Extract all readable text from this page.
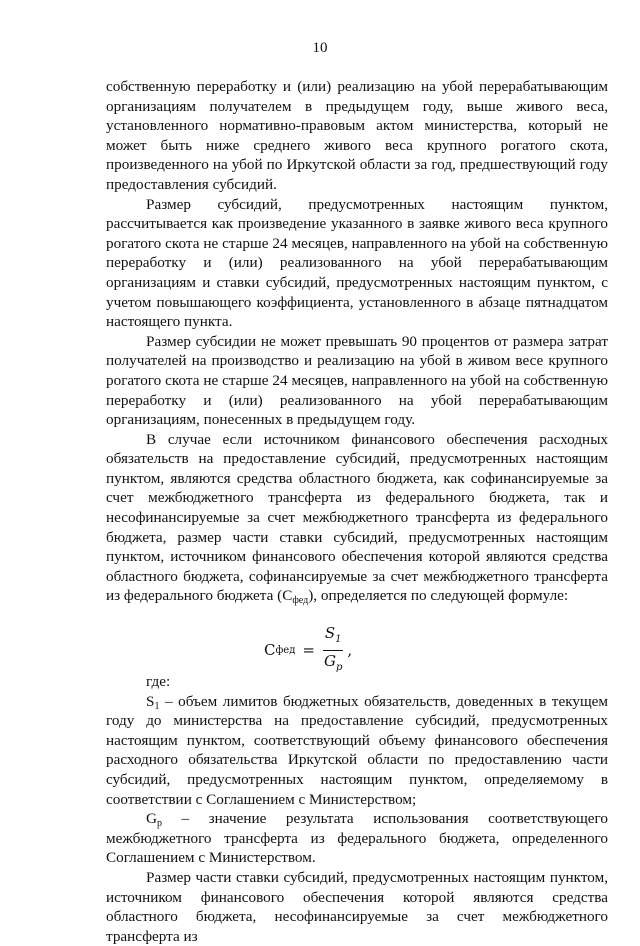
10

собственную переработку и (или) реализацию на убой перерабатывающим организациям получателем в предыдущем году, выше живого веса, установленного нормативно-правовым актом министерства, который не может быть ниже среднего живого веса крупного рогатого скота, произведенного на убой по Иркутской области за год, предшествующий году предоставления субсидий.

Размер субсидий, предусмотренных настоящим пунктом, рассчитывается как произведение указанного в заявке живого веса крупного рогатого скота не старше 24 месяцев, направленного на убой на собственную переработку и (или) реализованного на убой перерабатывающим организациям и ставки субсидий, предусмотренных настоящим пунктом, с учетом повышающего коэффициента, установленного в абзаце пятнадцатом настоящего пункта.

Размер субсидии не может превышать 90 процентов от размера затрат получателей на производство и реализацию на убой в живом весе крупного рогатого скота не старше 24 месяцев, направленного на убой на собственную переработку и (или) реализованного на убой перерабатывающим организациям, понесенных в предыдущем году.

В случае если источником финансового обеспечения расходных обязательств на предоставление субсидий, предусмотренных настоящим пунктом, являются средства областного бюджета, как софинансируемые за счет межбюджетного трансферта из федерального бюджета, так и несофинансируемые за счет межбюджетного трансферта из федерального бюджета, размер части ставки субсидий, предусмотренных настоящим пунктом, источником финансового обеспечения которой являются средства областного бюджета, софинансируемые за счет межбюджетного трансферта из федерального бюджета $(С_{фед})$, определяется по следующей формуле:

С фед = $\frac{S_1}{G_p}$ ,

где:

$S_1$ – объем лимитов бюджетных обязательств, доведенных в текущем году до министерства на предоставление субсидий, предусмотренных настоящим пунктом, соответствующий объему финансового обеспечения расходного обязательства Иркутской области по предоставлению части субсидий, предусмотренных настоящим пунктом, определяемому в соответствии с Соглашением с Министерством;

$G_p$ – значение результата использования соответствующего межбюджетного трансферта из федерального бюджета, определенного Соглашением с Министерством.

Размер части ставки субсидий, предусмотренных настоящим пунктом, источником финансового обеспечения которой являются средства областного бюджета, несофинансируемые за счет межбюджетного трансферта из
